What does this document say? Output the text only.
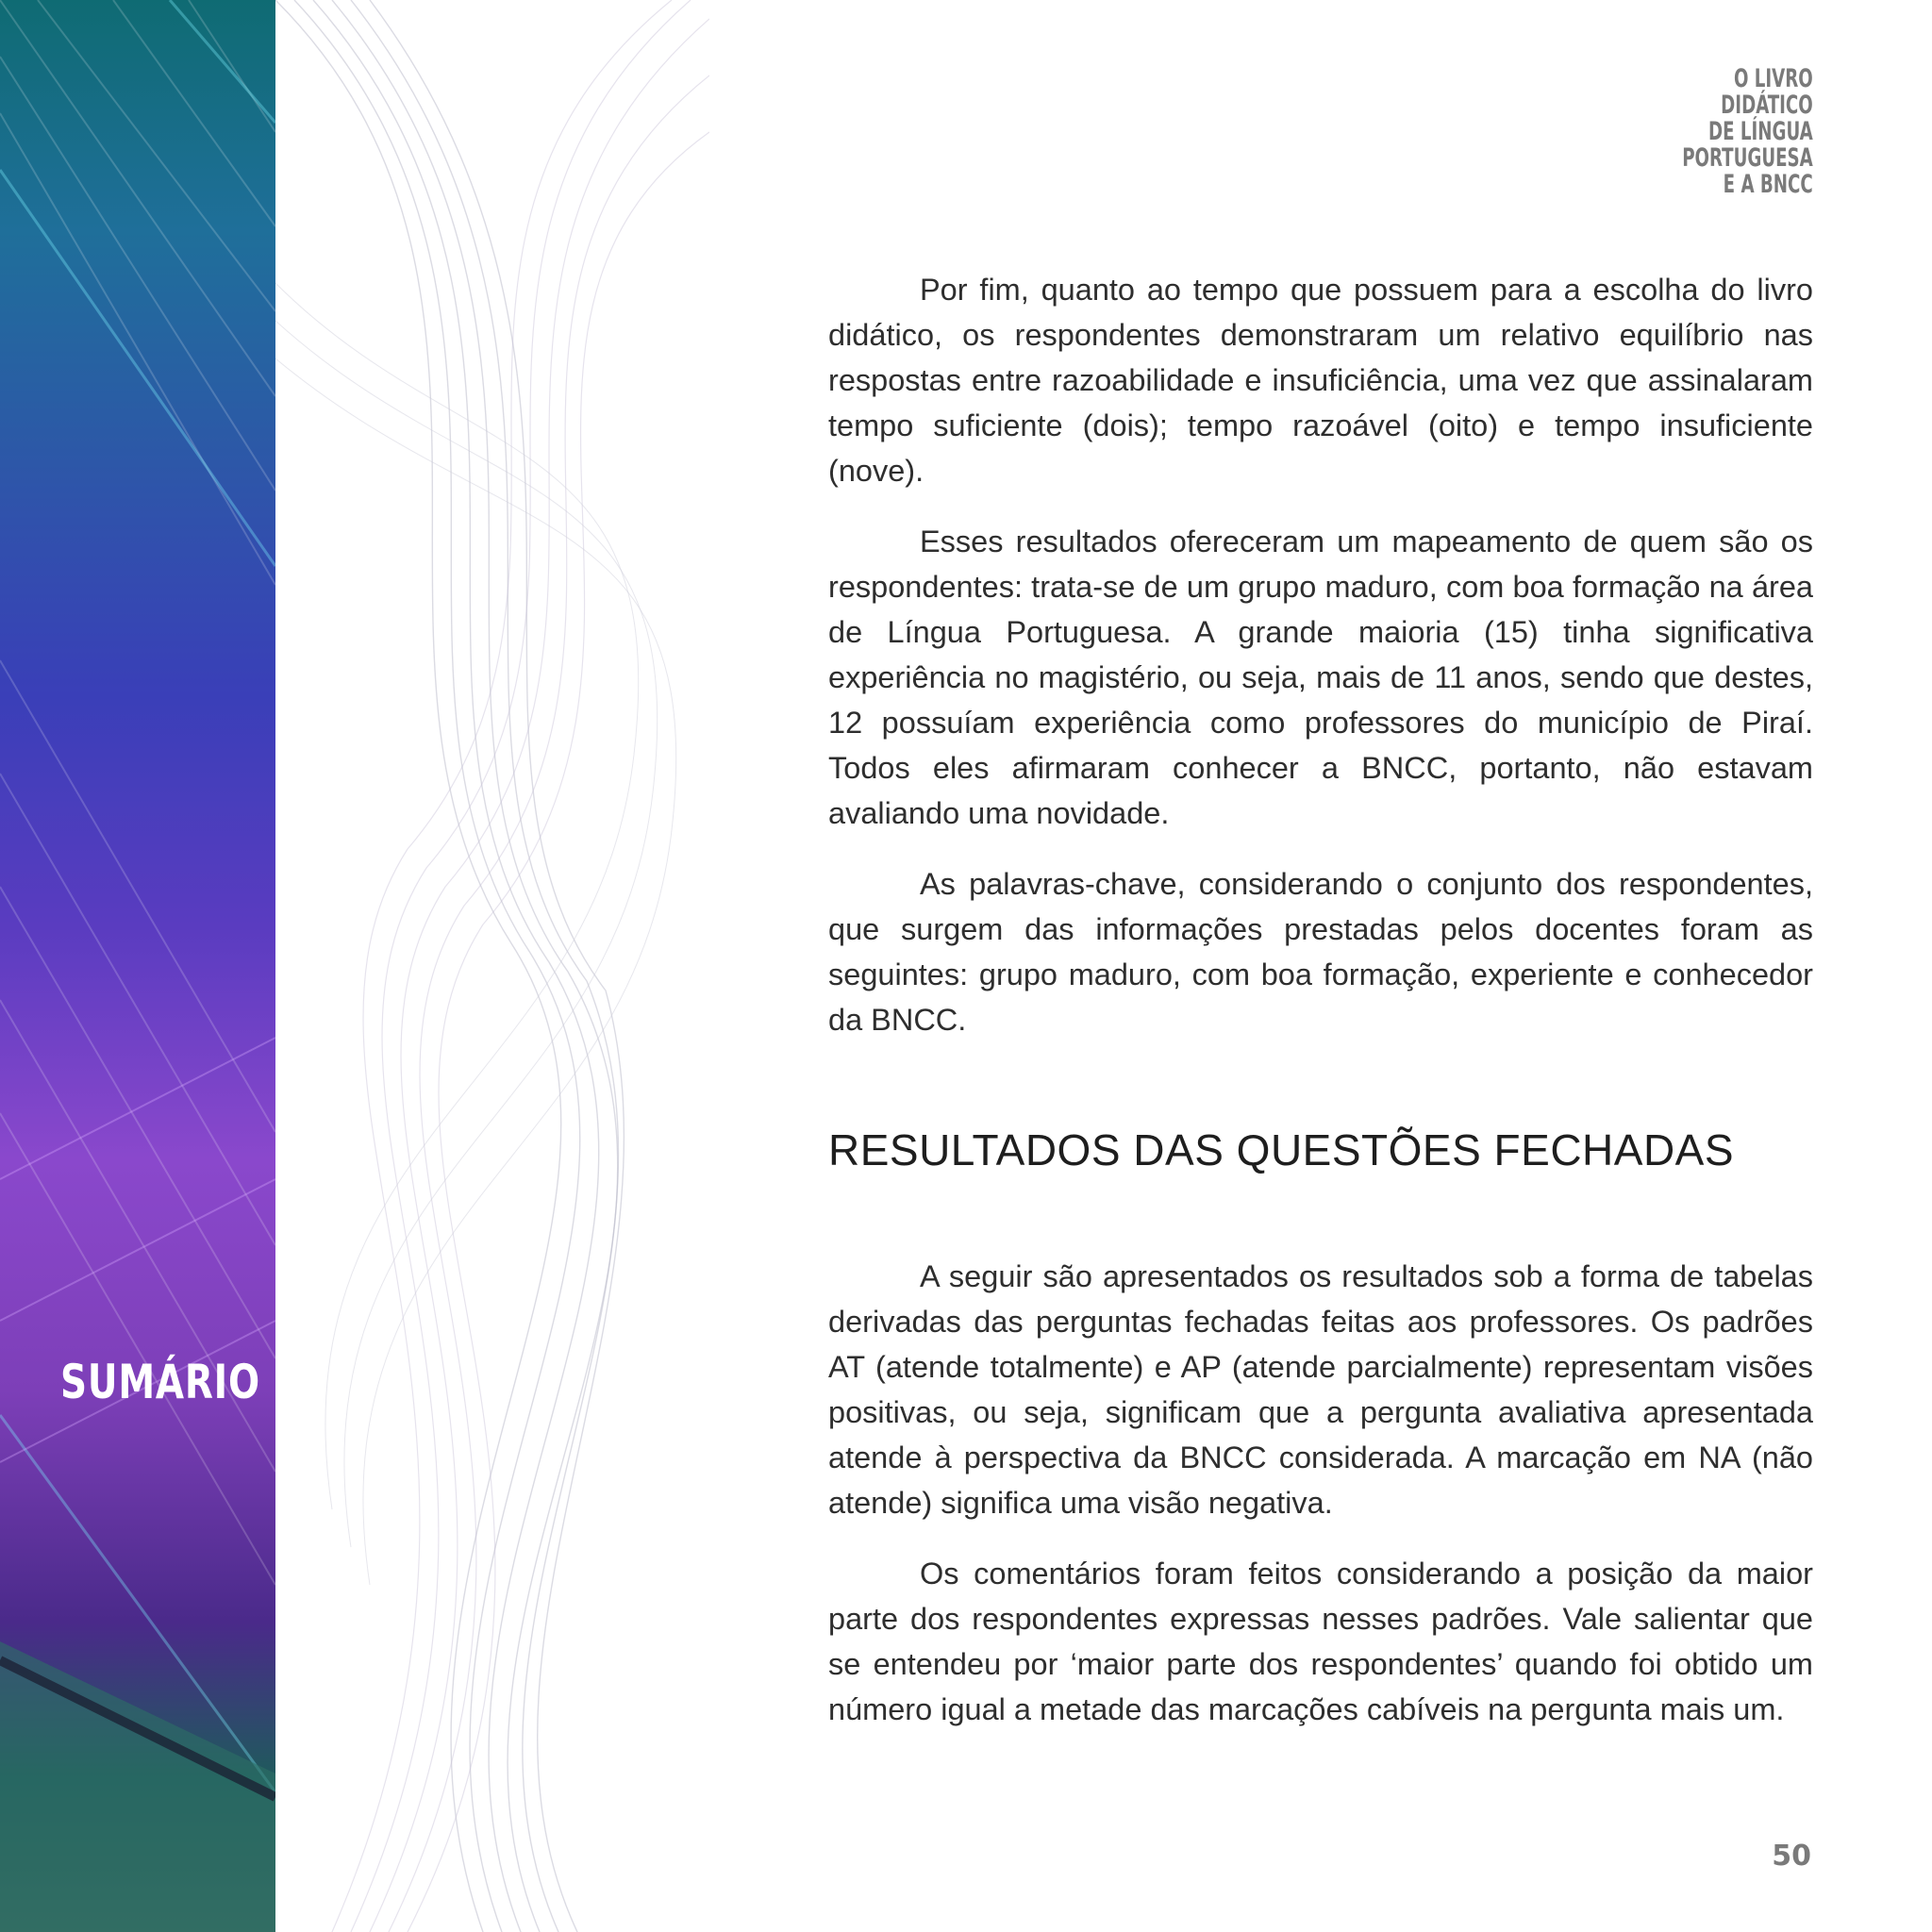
SUMÁRIO
O LIVRO
DIDÁTICO
DE LÍNGUA
PORTUGUESA
E A BNCC

Por fim, quanto ao tempo que possuem para a escolha do livro didático, os respondentes demonstraram um relativo equilíbrio nas respostas entre razoabilidade e insuficiência, uma vez que assinalaram tempo suficiente (dois); tempo razoável (oito) e tempo insuficiente (nove).

Esses resultados ofereceram um mapeamento de quem são os respondentes: trata-se de um grupo maduro, com boa formação na área de Língua Portuguesa. A grande maioria (15) tinha significativa experiência no magistério, ou seja, mais de 11 anos, sendo que destes, 12 possuíam experiência como professores do município de Piraí. Todos eles afirmaram conhecer a BNCC, portanto, não estavam avaliando uma novidade.

As palavras-chave, considerando o conjunto dos respondentes, que surgem das informações prestadas pelos docentes foram as seguintes: grupo maduro, com boa formação, experiente e conhecedor da BNCC.

RESULTADOS DAS QUESTÕES FECHADAS

A seguir são apresentados os resultados sob a forma de tabelas derivadas das perguntas fechadas feitas aos professores. Os padrões AT (atende totalmente) e AP (atende parcialmente) representam visões positivas, ou seja, significam que a pergunta avaliativa apresentada atende à perspectiva da BNCC considerada. A marcação em NA (não atende) significa uma visão negativa.

Os comentários foram feitos considerando a posição da maior parte dos respondentes expressas nesses padrões. Vale salientar que se entendeu por ‘maior parte dos respondentes’ quando foi obtido um número igual a metade das marcações cabíveis na pergunta mais um.

50
